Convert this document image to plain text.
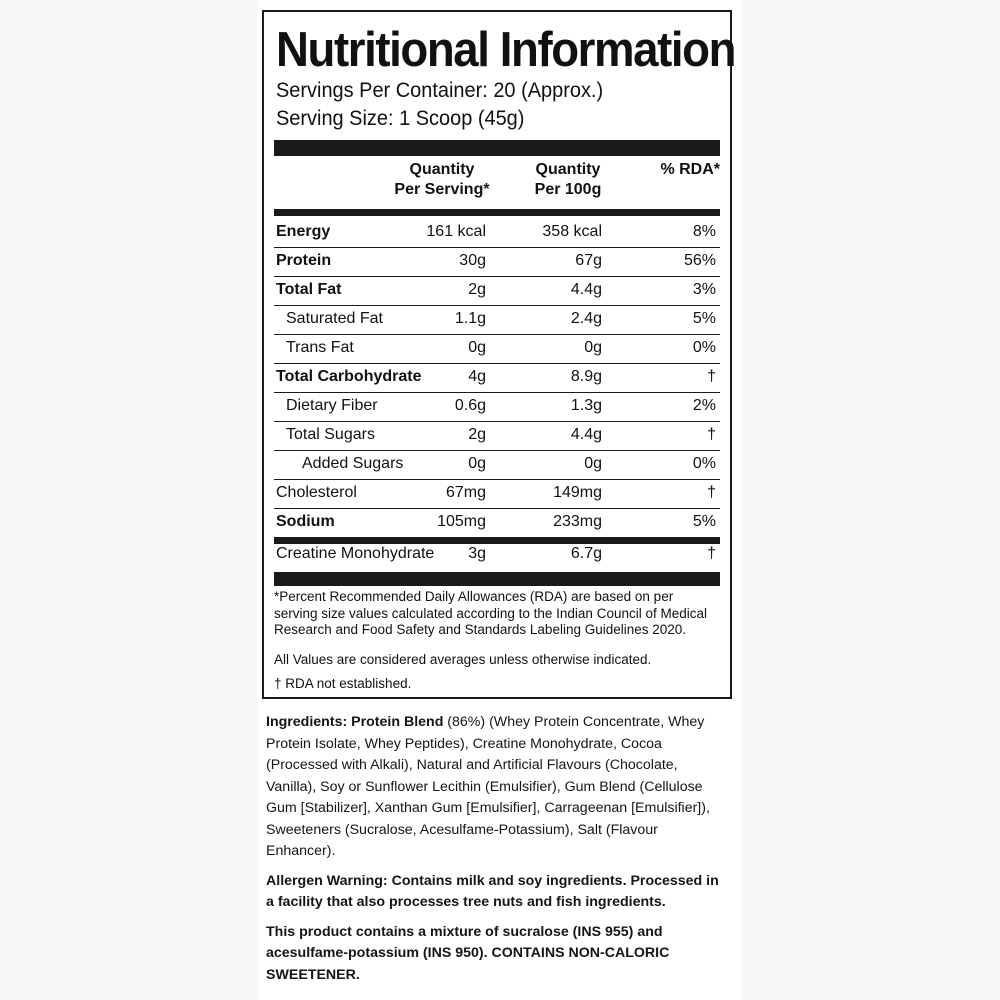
Nutritional Information
Servings Per Container: 20 (Approx.)
Serving Size: 1 Scoop (45g)
Quantity
Per Serving*
Quantity
Per 100g
% RDA*
Energy	161 kcal	358 kcal	8%
Protein	30g	67g	56%
Total Fat	2g	4.4g	3%
Saturated Fat	1.1g	2.4g	5%
Trans Fat	0g	0g	0%
Total Carbohydrate	4g	8.9g	†
Dietary Fiber	0.6g	1.3g	2%
Total Sugars	2g	4.4g	†
Added Sugars	0g	0g	0%
Cholesterol	67mg	149mg	†
Sodium	105mg	233mg	5%
Creatine Monohydrate 3g	6.7g	†
*Percent Recommended Daily Allowances (RDA) are based on per serving size values calculated according to the Indian Council of Medical Research and Food Safety and Standards Labeling Guidelines 2020.
All Values are considered averages unless otherwise indicated.
† RDA not established.

Ingredients: Protein Blend (86%) (Whey Protein Concentrate, Whey Protein Isolate, Whey Peptides), Creatine Monohydrate, Cocoa (Processed with Alkali), Natural and Artificial Flavours (Chocolate, Vanilla), Soy or Sunflower Lecithin (Emulsifier), Gum Blend (Cellulose Gum [Stabilizer], Xanthan Gum [Emulsifier], Carrageenan [Emulsifier]), Sweeteners (Sucralose, Acesulfame-Potassium), Salt (Flavour Enhancer).

Allergen Warning: Contains milk and soy ingredients. Processed in a facility that also processes tree nuts and fish ingredients.

This product contains a mixture of sucralose (INS 955) and acesulfame-potassium (INS 950). CONTAINS NON-CALORIC SWEETENER.
